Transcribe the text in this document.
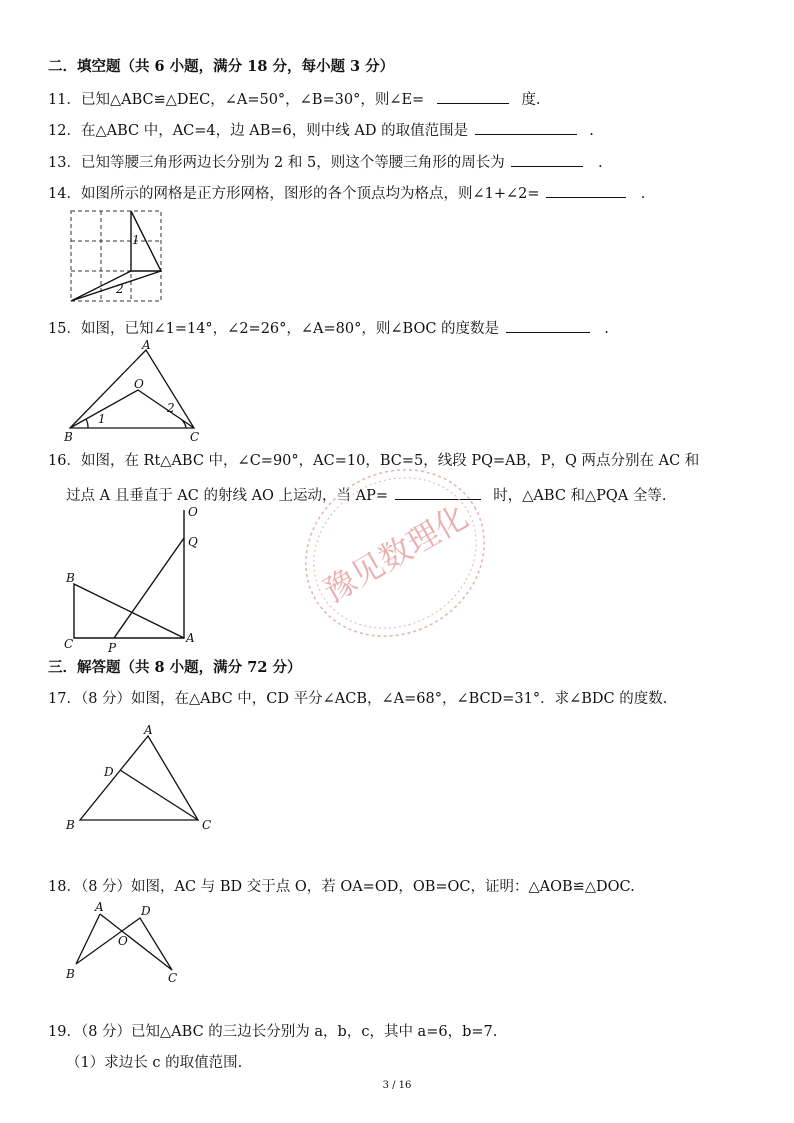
二．填空题（共 6 小题，满分 18 分，每小题 3 分）
11．已知△ABC≌△DEC，∠A=50°，∠B=30°，则∠E=	度.
12．在△ABC 中，AC=4，边 AB=6，则中线 AD 的取值范围是	.
13．已知等腰三角形两边长分别为 2 和 5，则这个等腰三角形的周长为	.
14．如图所示的网格是正方形网格，图形的各个顶点均为格点，则∠1+∠2=	.
1
2
15．如图，已知∠1=14°，∠2=26°，∠A=80°，则∠BOC 的度数是	.
A
O
B	C
1
2
16．如图，在 Rt△ABC 中，∠C=90°，AC=10，BC=5，线段 PQ=AB，P，Q 两点分别在 AC 和
过点 A 且垂直于 AC 的射线 AO 上运动，当 AP=	时，△ABC 和△PQA 全等.
O
Q
B
C	P
A
豫见数理化
三．解答题（共 8 小题，满分 72 分）
17．（8 分）如图，在△ABC 中，CD 平分∠ACB，∠A=68°，∠BCD=31°．求∠BDC 的度数.
A
D
B	C
18．（8 分）如图，AC 与 BD 交于点 O，若 OA=OD，OB=OC，证明：△AOB≌△DOC.
A	D
O
B	C
19．（8 分）已知△ABC 的三边长分别为 a，b，c，其中 a=6，b=7.
（1）求边长 c 的取值范围.
3 / 16
